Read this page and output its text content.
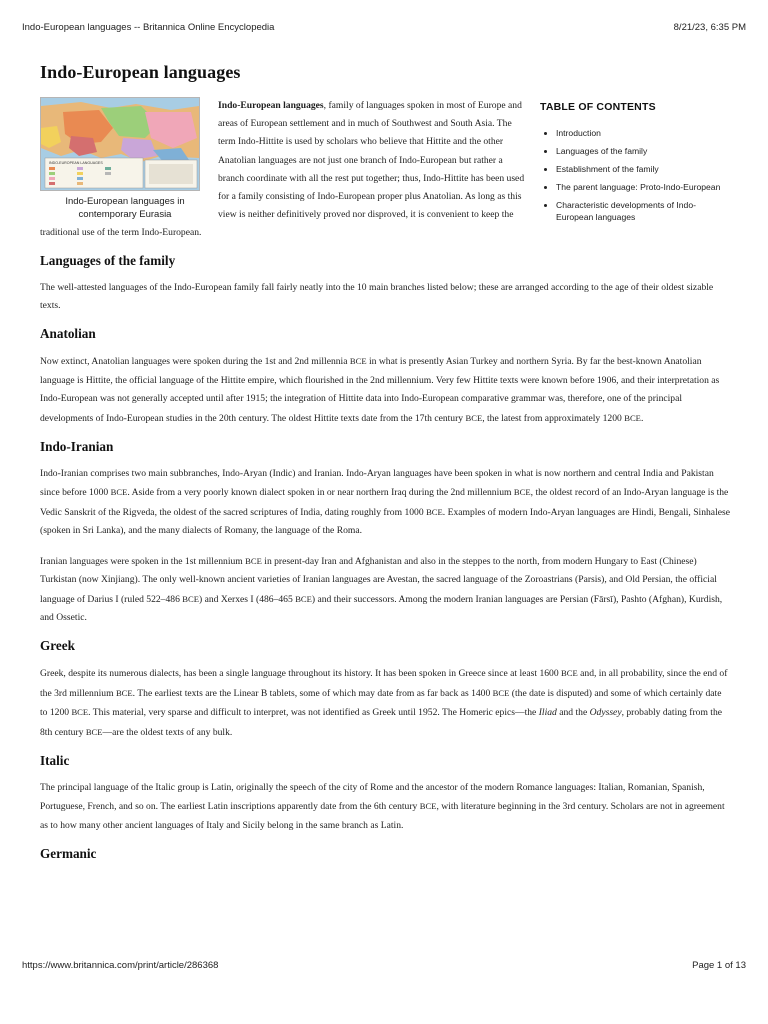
Indo-European languages -- Britannica Online Encyclopedia	8/21/23, 6:35 PM
Indo-European languages
INDO-EUROPEAN LANGUAGES
Indo-European languages in contemporary Eurasia
TABLE OF CONTENTS
• Introduction
• Languages of the family
• Establishment of the family
• The parent language: Proto-Indo-European
• Characteristic developments of Indo-European languages

Indo-European languages, family of languages spoken in most of Europe and areas of European settlement and in much of Southwest and South Asia. The term Indo-Hittite is used by scholars who believe that Hittite and the other Anatolian languages are not just one branch of Indo-European but rather a branch coordinate with all the rest put together; thus, Indo-Hittite has been used for a family consisting of Indo-European proper plus Anatolian. As long as this view is neither definitively proved nor disproved, it is convenient to keep the traditional use of the term Indo-European.

Languages of the family

The well-attested languages of the Indo-European family fall fairly neatly into the 10 main branches listed below; these are arranged according to the age of their oldest sizable texts.

Anatolian

Now extinct, Anatolian languages were spoken during the 1st and 2nd millennia BCE in what is presently Asian Turkey and northern Syria. By far the best-known Anatolian language is Hittite, the official language of the Hittite empire, which flourished in the 2nd millennium. Very few Hittite texts were known before 1906, and their interpretation as Indo-European was not generally accepted until after 1915; the integration of Hittite data into Indo-European comparative grammar was, therefore, one of the principal developments of Indo-European studies in the 20th century. The oldest Hittite texts date from the 17th century BCE, the latest from approximately 1200 BCE.

Indo-Iranian

Indo-Iranian comprises two main subbranches, Indo-Aryan (Indic) and Iranian. Indo-Aryan languages have been spoken in what is now northern and central India and Pakistan since before 1000 BCE. Aside from a very poorly known dialect spoken in or near northern Iraq during the 2nd millennium BCE, the oldest record of an Indo-Aryan language is the Vedic Sanskrit of the Rigveda, the oldest of the sacred scriptures of India, dating roughly from 1000 BCE. Examples of modern Indo-Aryan languages are Hindi, Bengali, Sinhalese (spoken in Sri Lanka), and the many dialects of Romany, the language of the Roma.

Iranian languages were spoken in the 1st millennium BCE in present-day Iran and Afghanistan and also in the steppes to the north, from modern Hungary to East (Chinese) Turkistan (now Xinjiang). The only well-known ancient varieties of Iranian languages are Avestan, the sacred language of the Zoroastrians (Parsis), and Old Persian, the official language of Darius I (ruled 522–486 BCE) and Xerxes I (486–465 BCE) and their successors. Among the modern Iranian languages are Persian (Fārsī), Pashto (Afghan), Kurdish, and Ossetic.

Greek

Greek, despite its numerous dialects, has been a single language throughout its history. It has been spoken in Greece since at least 1600 BCE and, in all probability, since the end of the 3rd millennium BCE. The earliest texts are the Linear B tablets, some of which may date from as far back as 1400 BCE (the date is disputed) and some of which certainly date to 1200 BCE. This material, very sparse and difficult to interpret, was not identified as Greek until 1952. The Homeric epics—the Iliad and the Odyssey, probably dating from the 8th century BCE—are the oldest texts of any bulk.

Italic

The principal language of the Italic group is Latin, originally the speech of the city of Rome and the ancestor of the modern Romance languages: Italian, Romanian, Spanish, Portuguese, French, and so on. The earliest Latin inscriptions apparently date from the 6th century BCE, with literature beginning in the 3rd century. Scholars are not in agreement as to how many other ancient languages of Italy and Sicily belong in the same branch as Latin.

Germanic
https://www.britannica.com/print/article/286368	Page 1 of 13
